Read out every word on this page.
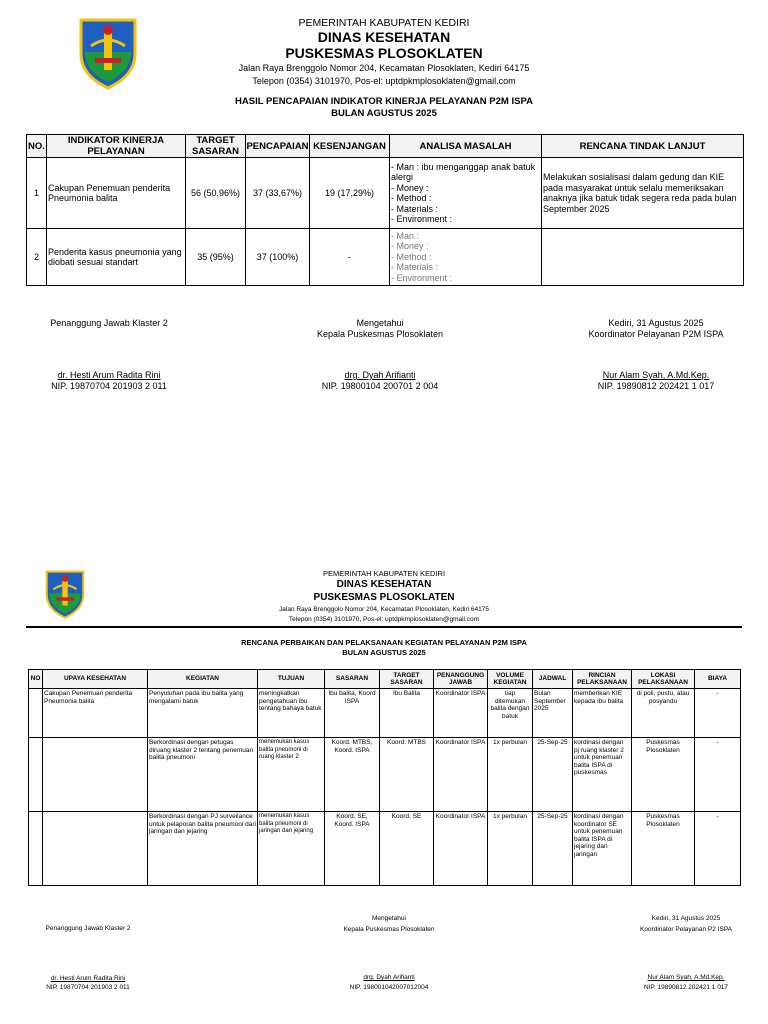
PEMERINTAH KABUPATEN KEDIRI
DINAS KESEHATAN
PUSKESMAS PLOSOKLATEN
Jalan Raya Brenggolo Nomor 204, Kecamatan Plosoklaten, Kediri 64175
Telepon (0354) 3101970, Pos-el: uptdpkmplosoklaten@gmail.com
HASIL PENCAPAIAN INDIKATOR KINERJA PELAYANAN P2M ISPA
BULAN AGUSTUS 2025
NO.	INDIKATOR KINERJA PELAYANAN	TARGET SASARAN	PENCAPAIAN	KESENJANGAN	ANALISA MASALAH	RENCANA TINDAK LANJUT
1	Cakupan Penemuan penderita Pneumonia balita	56 (50,96%)	37 (33,67%)	19 (17,29%)	- Man : ibu menganggap anak batuk alergi
- Money :
- Method :
- Materials :
- Environment :	Melakukan sosialisasi dalam gedung dan KIE pada masyarakat untuk selalu memeriksakan anaknya jika batuk tidak segera reda pada bulan September 2025
2	Penderita kasus pneumonia yang diobati sesuai standart	35 (95%)	37 (100%)	-	- Man :
- Money :
- Method :
- Materials :
- Environment :	

Penanggung Jawab Klaster 2
dr. Hesti Arum Radita Rini
NIP. 19870704 201903 2 011
Mengetahui
Kepala Puskesmas Plosoklaten
drg. Dyah Arifianti
NIP. 19800104 200701 2 004
Kediri, 31 Agustus 2025
Koordinator Pelayanan P2M ISPA
Nur Alam Syah, A.Md.Kep.
NIP. 19890812 202421 1 017
PEMERINTAH KABUPATEN KEDIRI
DINAS KESEHATAN
PUSKESMAS PLOSOKLATEN
Jalan Raya Brenggolo Nomor 204, Kecamatan Plosoklaten, Kediri 64175
Telepon (0354) 3101970, Pos-el: uptdpkmplosoklaten@gmail.com
RENCANA PERBAIKAN DAN PELAKSANAAN KEGIATAN PELAYANAN P2M ISPA
BULAN AGUSTUS 2025
NO	UPAYA KESEHATAN	KEGIATAN	TUJUAN	SASARAN	TARGET SASARAN	PENANGGUNG JAWAB	VOLUME KEGIATAN	JADWAL	RINCIAN PELAKSANAAN	LOKASI PELAKSANAAN	BIAYA
	Cakupan Penemuan penderita Pneumonia balita	Penyuluhan pada ibu balita yang mengalami batuk	meningkatkan pengetahuan ibu tentang bahaya batuk	Ibu balita, Koord ISPA	Ibu Balita	Koordinator ISPA	tiap ditemukan balita dengan batuk	Bulan September 2025	memberikan KIE kepada ibu balita	di poli, pustu, atau posyandu	-
		Berkordinasi dengan petugas diruang klaster 2 tentang penemuan balita pneumoni	menemukan kasus balita pneumoni di ruang klaster 2	Koord. MTBS, Koord. ISPA	Koord. MTBS	Koordinator ISPA	1x perbulan	25-Sep-25	kordinasi dengan pj ruang klaster 2 untuk penemuan balita ISPA di puskesmas	Puskesmas Plosoklaten	-
		Berkordinasi dengan PJ surveilance untuk pelaporan balita pneumoni dari jaringan dan jejaring	menemukan kasus balita pneumoni di jaringan dan jejaring	Koord. SE, Koord. ISPA	Koord. SE	Koordinator ISPA	1x perbulan	25-Sep-25	kordinasi dengan koordinator SE untuk penemuan balita ISPA di jejaring dan jaringan	Puskesmas Plosoklaten	-
Penanggung Jawab Klaster 2
dr. Hesti Arum Radita Rini
NIP. 19870704 201903 2 011
Mengetahui
Kepala Puskesmas Plosoklaten
drg. Dyah Arifianti
NIP. 198001042007012004
Kediri, 31 Agustus 2025
Koordinator Pelayanan P2 ISPA
Nur Alam Syah, A.Md.Kep.
NIP. 19890812 202421 1 017
